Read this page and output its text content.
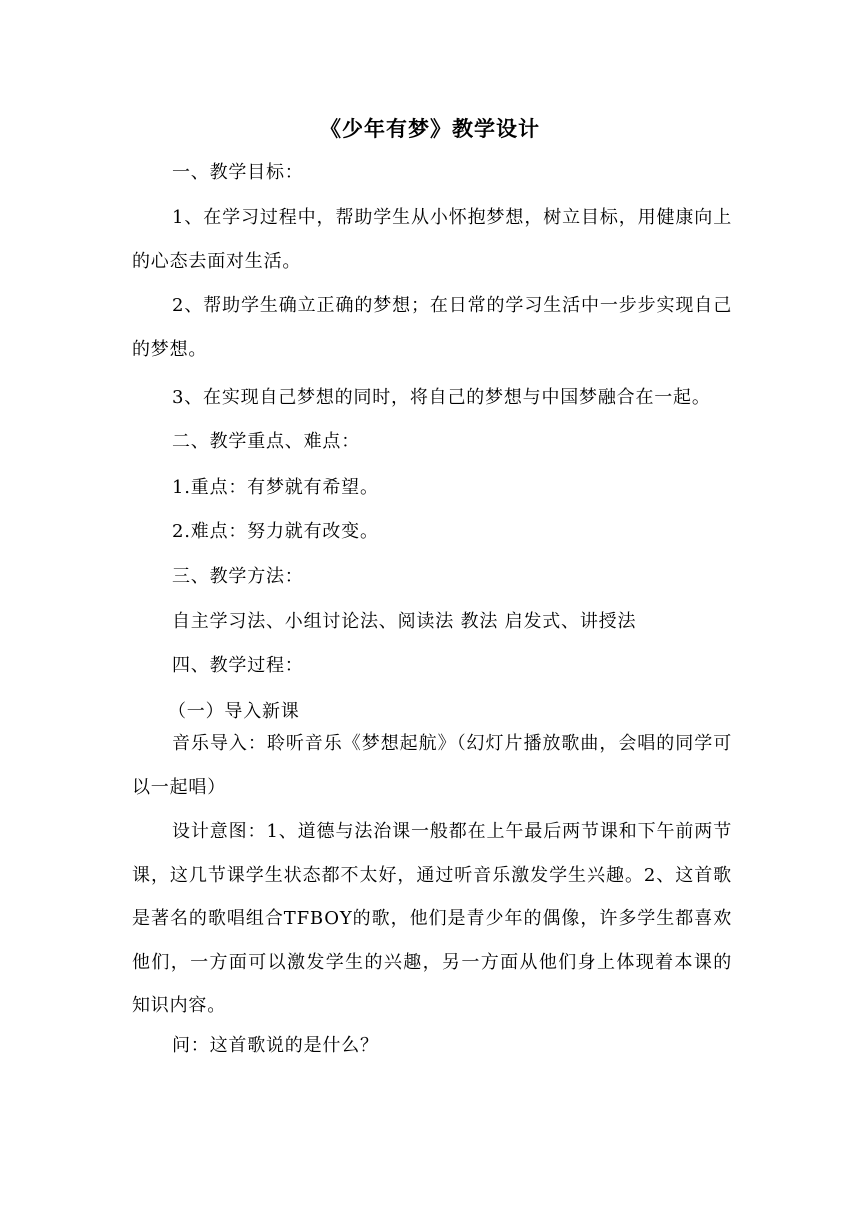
《少年有梦》教学设计
一、教学目标：
1、在学习过程中，帮助学生从小怀抱梦想，树立目标，用健康向上的心态去面对生活。
2、帮助学生确立正确的梦想；在日常的学习生活中一步步实现自己的梦想。
3、在实现自己梦想的同时，将自己的梦想与中国梦融合在一起。
二、教学重点、难点：
1.重点：有梦就有希望。
2.难点：努力就有改变。
三、教学方法：
自主学习法、小组讨论法、阅读法 教法 启发式、讲授法
四、教学过程：
（一）导入新课
音乐导入：聆听音乐《梦想起航》（幻灯片播放歌曲，会唱的同学可以一起唱）
设计意图：1、道德与法治课一般都在上午最后两节课和下午前两节课，这几节课学生状态都不太好，通过听音乐激发学生兴趣。2、这首歌是著名的歌唱组合TFBOY的歌，他们是青少年的偶像，许多学生都喜欢他们，一方面可以激发学生的兴趣，另一方面从他们身上体现着本课的知识内容。
问：这首歌说的是什么？
